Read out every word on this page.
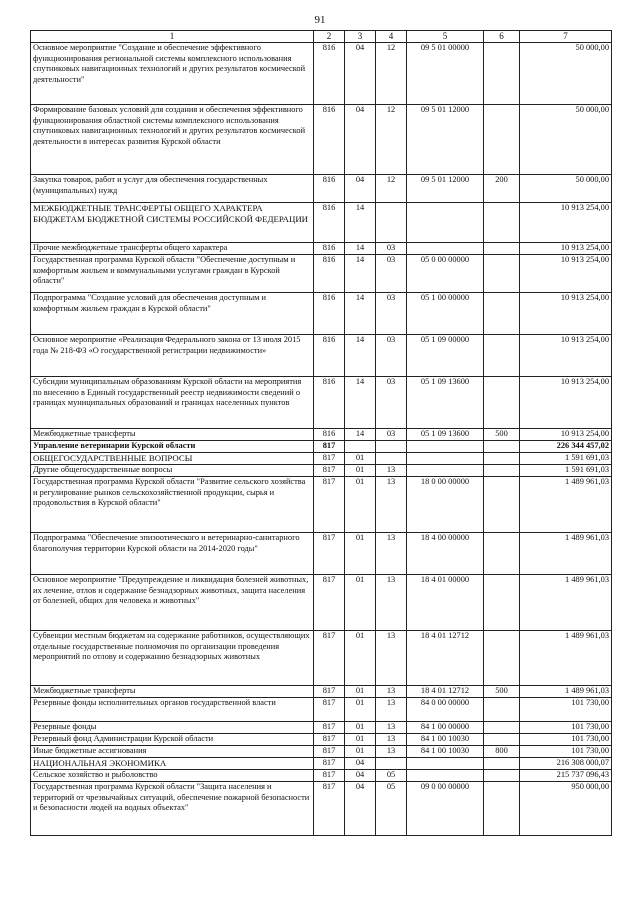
91
1	2	3	4	5	6	7
Основное мероприятие "Создание и обеспечение эффективного функционирования региональной системы комплексного использования спутниковых навигационных технологий и других результатов космической деятельности"	816	04	12	09 5 01 00000		50 000,00
Формирование базовых условий для создания и обеспечения эффективного функционирования областной системы комплексного использования спутниковых навигационных технологий и других результатов космической деятельности в интересах развития Курской области	816	04	12	09 5 01 12000		50 000,00
Закупка товаров, работ и услуг для обеспечения государственных (муниципальных) нужд	816	04	12	09 5 01 12000	200	50 000,00
МЕЖБЮДЖЕТНЫЕ ТРАНСФЕРТЫ ОБЩЕГО ХАРАКТЕРА БЮДЖЕТАМ БЮДЖЕТНОЙ СИСТЕМЫ РОССИЙСКОЙ ФЕДЕРАЦИИ	816	14				10 913 254,00
Прочие межбюджетные трансферты общего характера	816	14	03			10 913 254,00
Государственная программа Курской области "Обеспечение доступным и комфортным жильем и коммунальными услугами граждан в Курской области"	816	14	03	05 0 00 00000		10 913 254,00
Подпрограмма "Создание условий для обеспечения доступным и комфортным жильем граждан в Курской области"	816	14	03	05 1 00 00000		10 913 254,00
Основное мероприятие «Реализация Федерального закона от 13 июля 2015 года № 218-ФЗ «О государственной регистрации недвижимости»	816	14	03	05 1 09 00000		10 913 254,00
Субсидии муниципальным образованиям Курской области на мероприятия по внесению в Единый государственный реестр недвижимости сведений о границах муниципальных образований и границах населенных пунктов	816	14	03	05 1 09 13600		10 913 254,00
Межбюджетные трансферты	816	14	03	05 1 09 13600	500	10 913 254,00
Управление ветеринарии Курской области	817					226 344 457,02
ОБЩЕГОСУДАРСТВЕННЫЕ ВОПРОСЫ	817	01				1 591 691,03
Другие общегосударственные вопросы	817	01	13			1 591 691,03
Государственная программа Курской области "Развитие сельского хозяйства и регулирование рынков сельскохозяйственной продукции, сырья и продовольствия в Курской области"	817	01	13	18 0 00 00000		1 489 961,03
Подпрограмма "Обеспечение эпизоотического и ветеринарно-санитарного благополучия территории Курской области на 2014-2020 годы"	817	01	13	18 4 00 00000		1 489 961,03
Основное мероприятие "Предупреждение и ликвидация болезней животных, их лечение, отлов и содержание безнадзорных животных, защита населения от болезней, общих для человека и животных"	817	01	13	18 4 01 00000		1 489 961,03
Субвенции местным бюджетам на содержание работников, осуществляющих отдельные государственные полномочия по организации проведения мероприятий по отлову и содержанию безнадзорных животных	817	01	13	18 4 01 12712		1 489 961,03
Межбюджетные трансферты	817	01	13	18 4 01 12712	500	1 489 961,03
Резервные фонды исполнительных органов государственной власти	817	01	13	84 0 00 00000		101 730,00
Резервные фонды	817	01	13	84 1 00 00000		101 730,00
Резервный фонд Администрации Курской области	817	01	13	84 1 00 10030		101 730,00
Иные бюджетные ассигнования	817	01	13	84 1 00 10030	800	101 730,00
НАЦИОНАЛЬНАЯ ЭКОНОМИКА	817	04				216 308 000,07
Сельское хозяйство и рыболовство	817	04	05			215 737 096,43
Государственная программа Курской области "Защита населения и территорий от чрезвычайных ситуаций, обеспечение пожарной безопасности и безопасности людей на водных объектах"	817	04	05	09 0 00 00000		950 000,00
